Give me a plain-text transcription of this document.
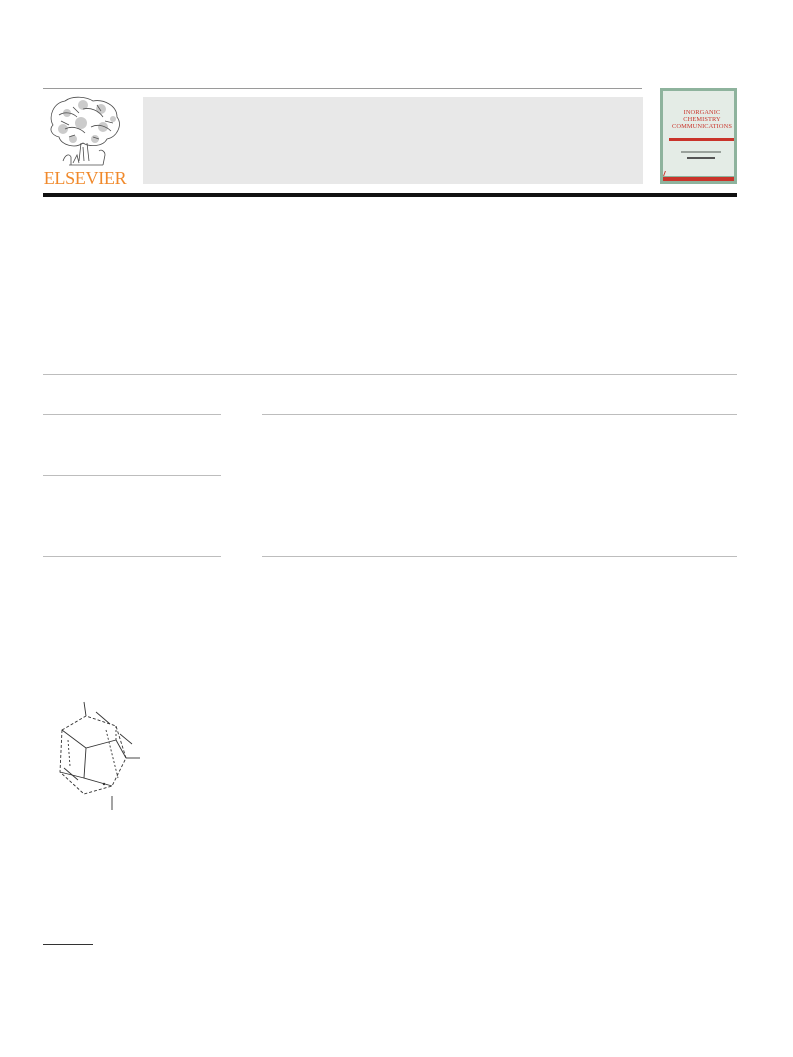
ELSEVIER
INORGANIC CHEMISTRY COMMUNICATIONS
